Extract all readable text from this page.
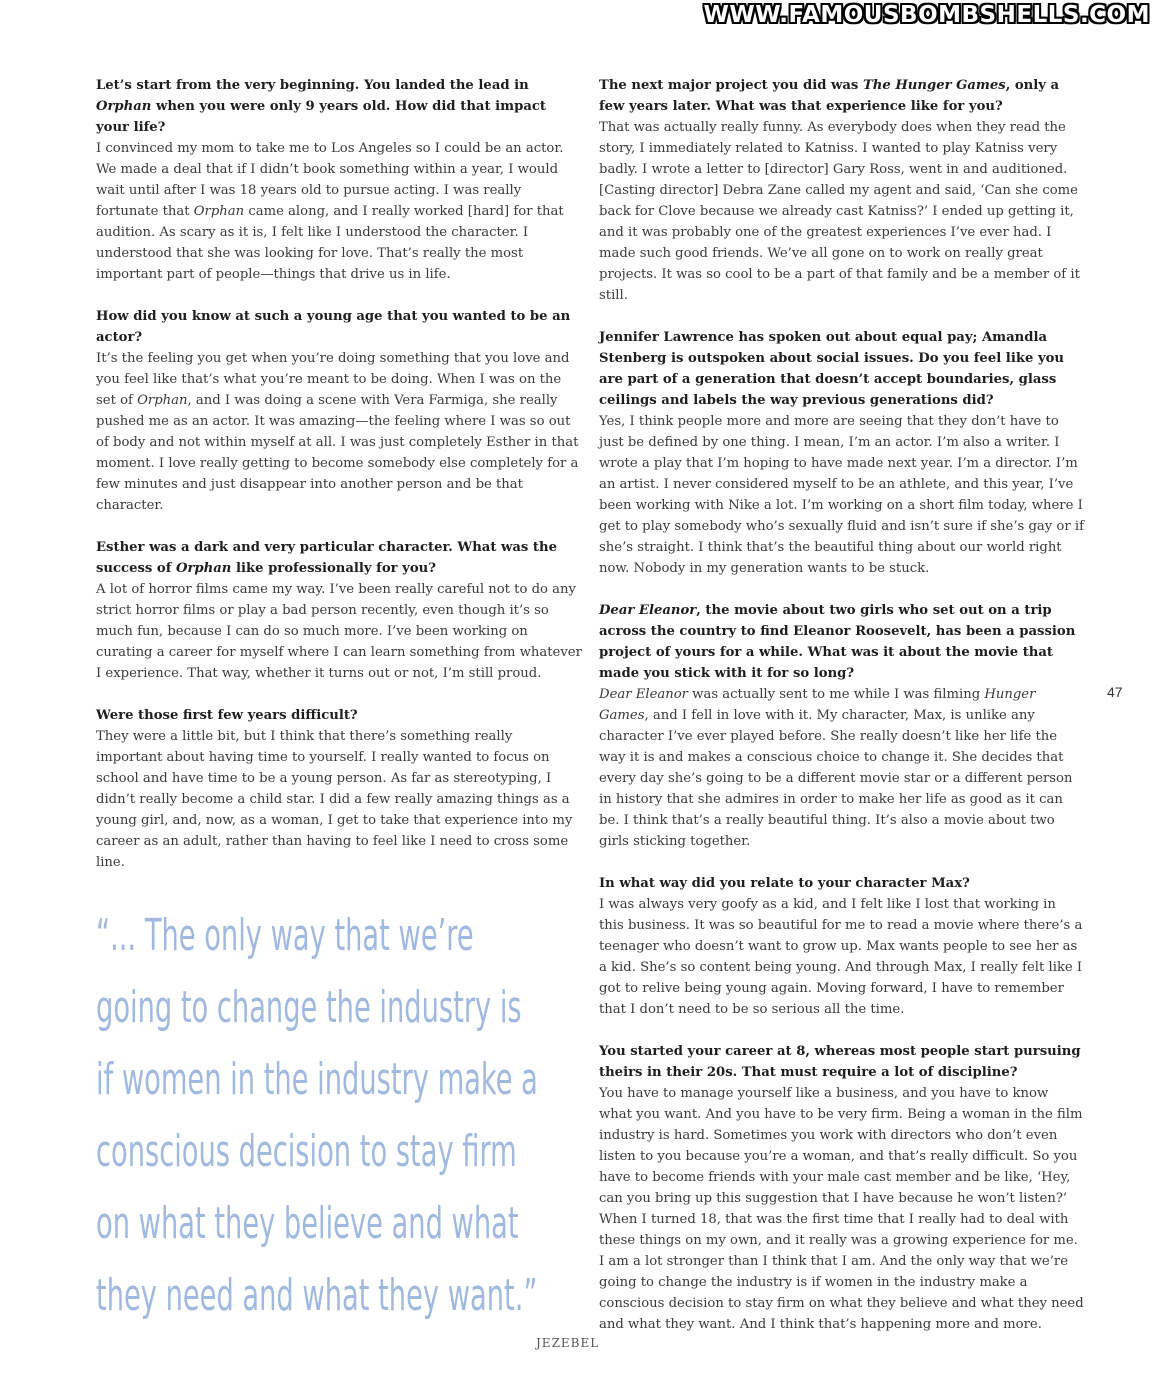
WWW.FAMOUSBOMBSHELLS.COM
Let’s start from the very beginning. You landed the lead in Orphan when you were only 9 years old. How did that impact your life?
I convinced my mom to take me to Los Angeles so I could be an actor. We made a deal that if I didn’t book something within a year, I would wait until after I was 18 years old to pursue acting. I was really fortunate that Orphan came along, and I really worked [hard] for that audition. As scary as it is, I felt like I understood the character. I understood that she was looking for love. That’s really the most important part of people—things that drive us in life.
How did you know at such a young age that you wanted to be an actor?
It’s the feeling you get when you’re doing something that you love and you feel like that’s what you’re meant to be doing. When I was on the set of Orphan, and I was doing a scene with Vera Farmiga, she really pushed me as an actor. It was amazing—the feeling where I was so out of body and not within myself at all. I was just completely Esther in that moment. I love really getting to become somebody else completely for a few minutes and just disappear into another person and be that character.
Esther was a dark and very particular character. What was the success of Orphan like professionally for you?
A lot of horror films came my way. I’ve been really careful not to do any strict horror films or play a bad person recently, even though it’s so much fun, because I can do so much more. I’ve been working on curating a career for myself where I can learn something from whatever I experience. That way, whether it turns out or not, I’m still proud.
Were those first few years difficult?
They were a little bit, but I think that there’s something really important about having time to yourself. I really wanted to focus on school and have time to be a young person. As far as stereotyping, I didn’t really become a child star. I did a few really amazing things as a young girl, and, now, as a woman, I get to take that experience into my career as an adult, rather than having to feel like I need to cross some line.
The next major project you did was The Hunger Games, only a few years later. What was that experience like for you?
That was actually really funny. As everybody does when they read the story, I immediately related to Katniss. I wanted to play Katniss very badly. I wrote a letter to [director] Gary Ross, went in and auditioned. [Casting director] Debra Zane called my agent and said, ‘Can she come back for Clove because we already cast Katniss?’ I ended up getting it, and it was probably one of the greatest experiences I’ve ever had. I made such good friends. We’ve all gone on to work on really great projects. It was so cool to be a part of that family and be a member of it still.
Jennifer Lawrence has spoken out about equal pay; Amandla Stenberg is outspoken about social issues. Do you feel like you are part of a generation that doesn’t accept boundaries, glass ceilings and labels the way previous generations did?
Yes, I think people more and more are seeing that they don’t have to just be defined by one thing. I mean, I’m an actor. I’m also a writer. I wrote a play that I’m hoping to have made next year. I’m a director. I’m an artist. I never considered myself to be an athlete, and this year, I’ve been working with Nike a lot. I’m working on a short film today, where I get to play somebody who’s sexually fluid and isn’t sure if she’s gay or if she’s straight. I think that’s the beautiful thing about our world right now. Nobody in my generation wants to be stuck.
Dear Eleanor, the movie about two girls who set out on a trip across the country to find Eleanor Roosevelt, has been a passion project of yours for a while. What was it about the movie that made you stick with it for so long?
Dear Eleanor was actually sent to me while I was filming Hunger Games, and I fell in love with it. My character, Max, is unlike any character I’ve ever played before. She really doesn’t like her life the way it is and makes a conscious choice to change it. She decides that every day she’s going to be a different movie star or a different person in history that she admires in order to make her life as good as it can be. I think that’s a really beautiful thing. It’s also a movie about two girls sticking together.
In what way did you relate to your character Max?
I was always very goofy as a kid, and I felt like I lost that working in this business. It was so beautiful for me to read a movie where there’s a teenager who doesn’t want to grow up. Max wants people to see her as a kid. She’s so content being young. And through Max, I really felt like I got to relive being young again. Moving forward, I have to remember that I don’t need to be so serious all the time.
You started your career at 8, whereas most people start pursuing theirs in their 20s. That must require a lot of discipline?
You have to manage yourself like a business, and you have to know what you want. And you have to be very firm. Being a woman in the film industry is hard. Sometimes you work with directors who don’t even listen to you because you’re a woman, and that’s really difficult. So you have to become friends with your male cast member and be like, ‘Hey, can you bring up this suggestion that I have because he won’t listen?’ When I turned 18, that was the first time that I really had to deal with these things on my own, and it really was a growing experience for me. I am a lot stronger than I think that I am. And the only way that we’re going to change the industry is if women in the industry make a conscious decision to stay firm on what they believe and what they need and what they want. And I think that’s happening more and more.
“... The only way that we’re
going to change the industry is
if women in the industry make a
conscious decision to stay firm
on what they believe and what
they need and what they want.”
47
JEZEBEL
